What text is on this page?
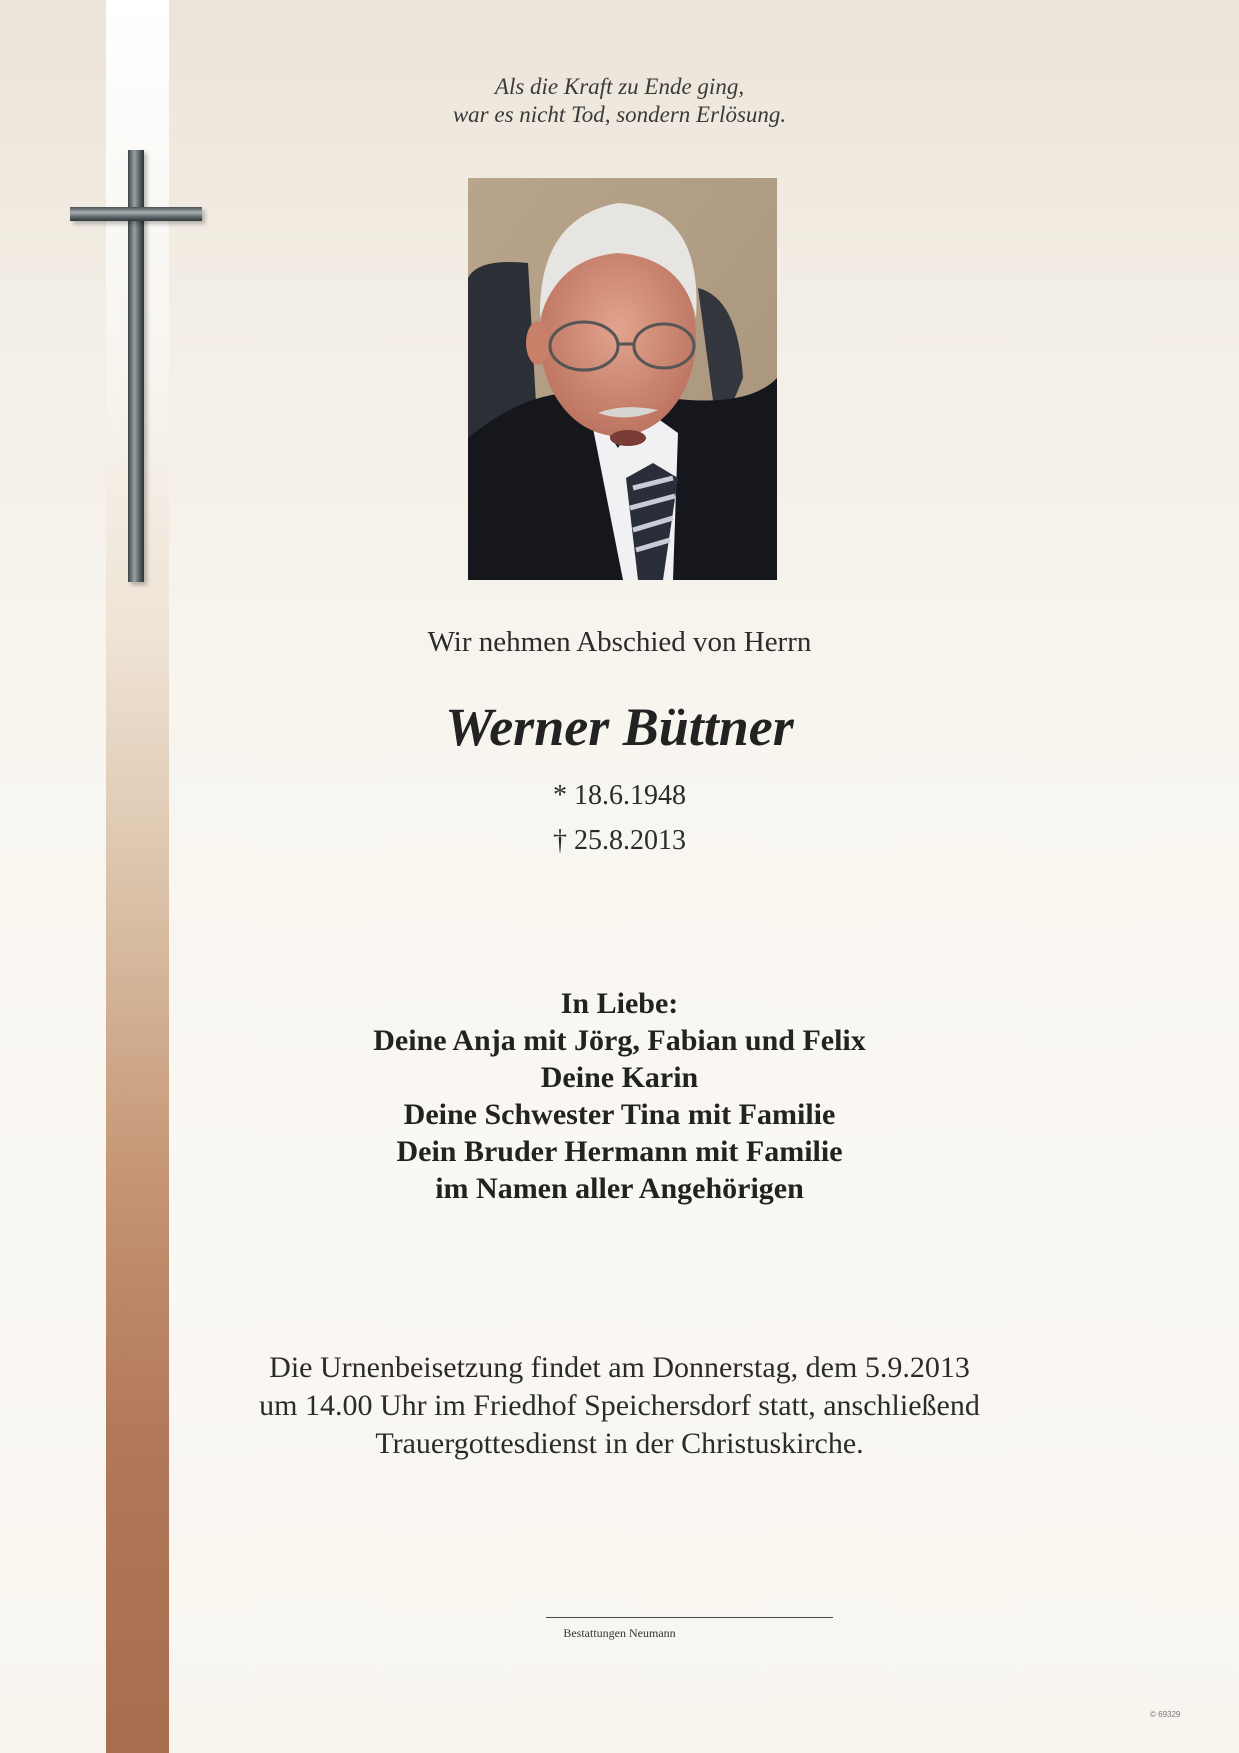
Als die Kraft zu Ende ging,
war es nicht Tod, sondern Erlösung.
Wir nehmen Abschied von Herrn
Werner Büttner
* 18.6.1948
† 25.8.2013
In Liebe:
Deine Anja mit Jörg, Fabian und Felix
Deine Karin
Deine Schwester Tina mit Familie
Dein Bruder Hermann mit Familie
im Namen aller Angehörigen
Die Urnenbeisetzung findet am Donnerstag, dem 5.9.2013
um 14.00 Uhr im Friedhof Speichersdorf statt, anschließend
Trauergottesdienst in der Christuskirche.
Bestattungen Neumann
© 69329
